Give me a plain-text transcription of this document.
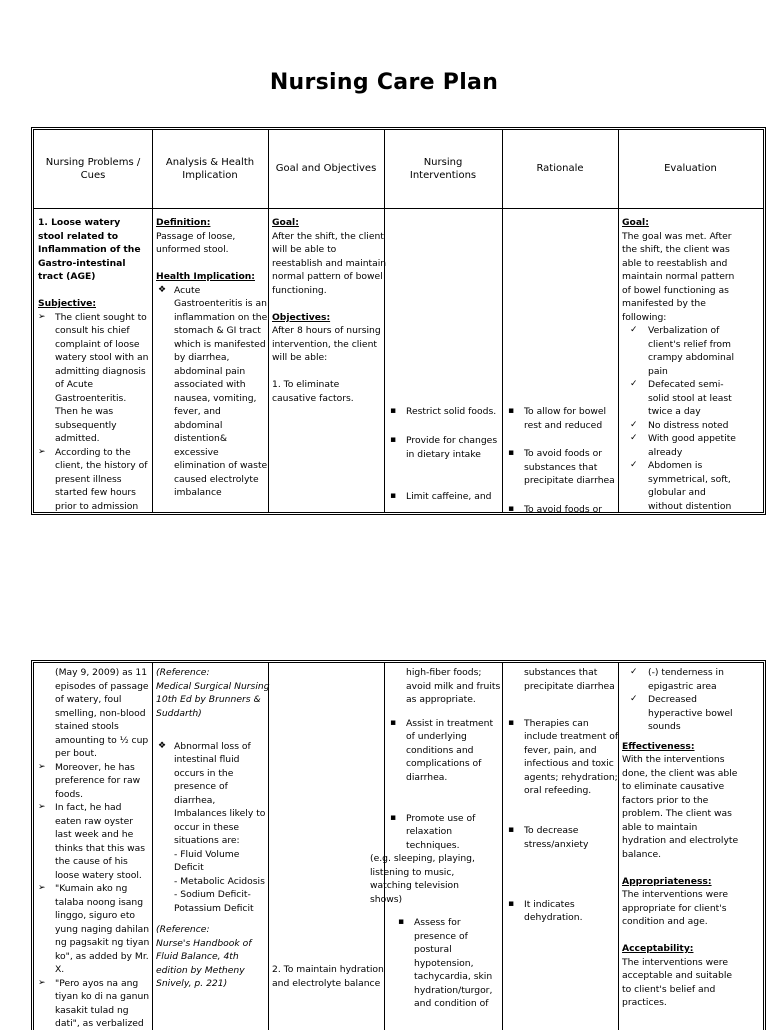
Nursing Care Plan
Nursing Problems /
Cues
Analysis & Health
Implication
Goal and Objectives
Nursing
Interventions
Rationale	Evaluation
1. Loose watery
stool related to
Inflammation of the
Gastro-intestinal
tract (AGE)
Subjective:
➢ The client sought to
consult his chief
complaint of loose
watery stool with an
admitting diagnosis
of Acute
Gastroenteritis.
Then he was
subsequently
admitted.
➢ According to the
client, the history of
present illness
started few hours
prior to admission
Definition:
Passage of loose,
unformed stool.
Health Implication:
❖ Acute
Gastroenteritis is an
inflammation on the
stomach & GI tract
which is manifested
by diarrhea,
abdominal pain
associated with
nausea, vomiting,
fever, and
abdominal
distention&
excessive
elimination of waste
caused electrolyte
imbalance
Goal:
After the shift, the client
will be able to
reestablish and maintain
normal pattern of bowel
functioning.
Objectives:
After 8 hours of nursing
intervention, the client
will be able:
1. To eliminate
causative factors.
▪ Restrict solid foods.
▪ Provide for changes
in dietary intake
▪ Limit caffeine, and
▪ To allow for bowel
rest and reduced
▪ To avoid foods or
substances that
precipitate diarrhea
▪ To avoid foods or
Goal:
The goal was met. After
the shift, the client was
able to reestablish and
maintain normal pattern
of bowel functioning as
manifested by the
following:
✓ Verbalization of
client's relief from
crampy abdominal
pain
✓ Defecated semi-
solid stool at least
twice a day
✓ No distress noted
✓ With good appetite
already
✓ Abdomen is
symmetrical, soft,
globular and
without distention
(May 9, 2009) as 11
episodes of passage
of watery, foul
smelling, non-blood
stained stools
amounting to ½ cup
per bout.
➢ Moreover, he has
preference for raw
foods.
➢ In fact, he had
eaten raw oyster
last week and he
thinks that this was
the cause of his
loose watery stool.
➢ "Kumain ako ng
talaba noong isang
linggo, siguro eto
yung naging dahilan
ng pagsakit ng tiyan
ko", as added by Mr.
X.
➢ "Pero ayos na ang
tiyan ko di na ganun
kasakit tulad ng
dati", as verbalized
(Reference:
Medical Surgical Nursing
10th Ed by Brunners &
Suddarth)
❖ Abnormal loss of
intestinal fluid
occurs in the
presence of
diarrhea,
Imbalances likely to
occur in these
situations are:
- Fluid Volume
Deficit
- Metabolic Acidosis
- Sodium Deficit-
Potassium Deficit
(Reference:
Nurse's Handbook of
Fluid Balance, 4th
edition by Metheny
Snively, p. 221)
2. To maintain hydration
and electrolyte balance
high-fiber foods;
avoid milk and fruits
as appropriate.
▪ Assist in treatment
of underlying
conditions and
complications of
diarrhea.
▪ Promote use of
relaxation
techniques.
(e.g. sleeping, playing,
listening to music,
watching television
shows)
▪ Assess for
presence of
postural
hypotension,
tachycardia, skin
hydration/turgor,
and condition of
substances that
precipitate diarrhea
▪ Therapies can
include treatment of
fever, pain, and
infectious and toxic
agents; rehydration;
oral refeeding.
▪ To decrease
stress/anxiety
▪ It indicates
dehydration.
✓ (-) tenderness in
epigastric area
✓ Decreased
hyperactive bowel
sounds
Effectiveness:
With the interventions
done, the client was able
to eliminate causative
factors prior to the
problem. The client was
able to maintain
hydration and electrolyte
balance.
Appropriateness:
The interventions were
appropriate for client's
condition and age.
Acceptability:
The interventions were
acceptable and suitable
to client's belief and
practices.
